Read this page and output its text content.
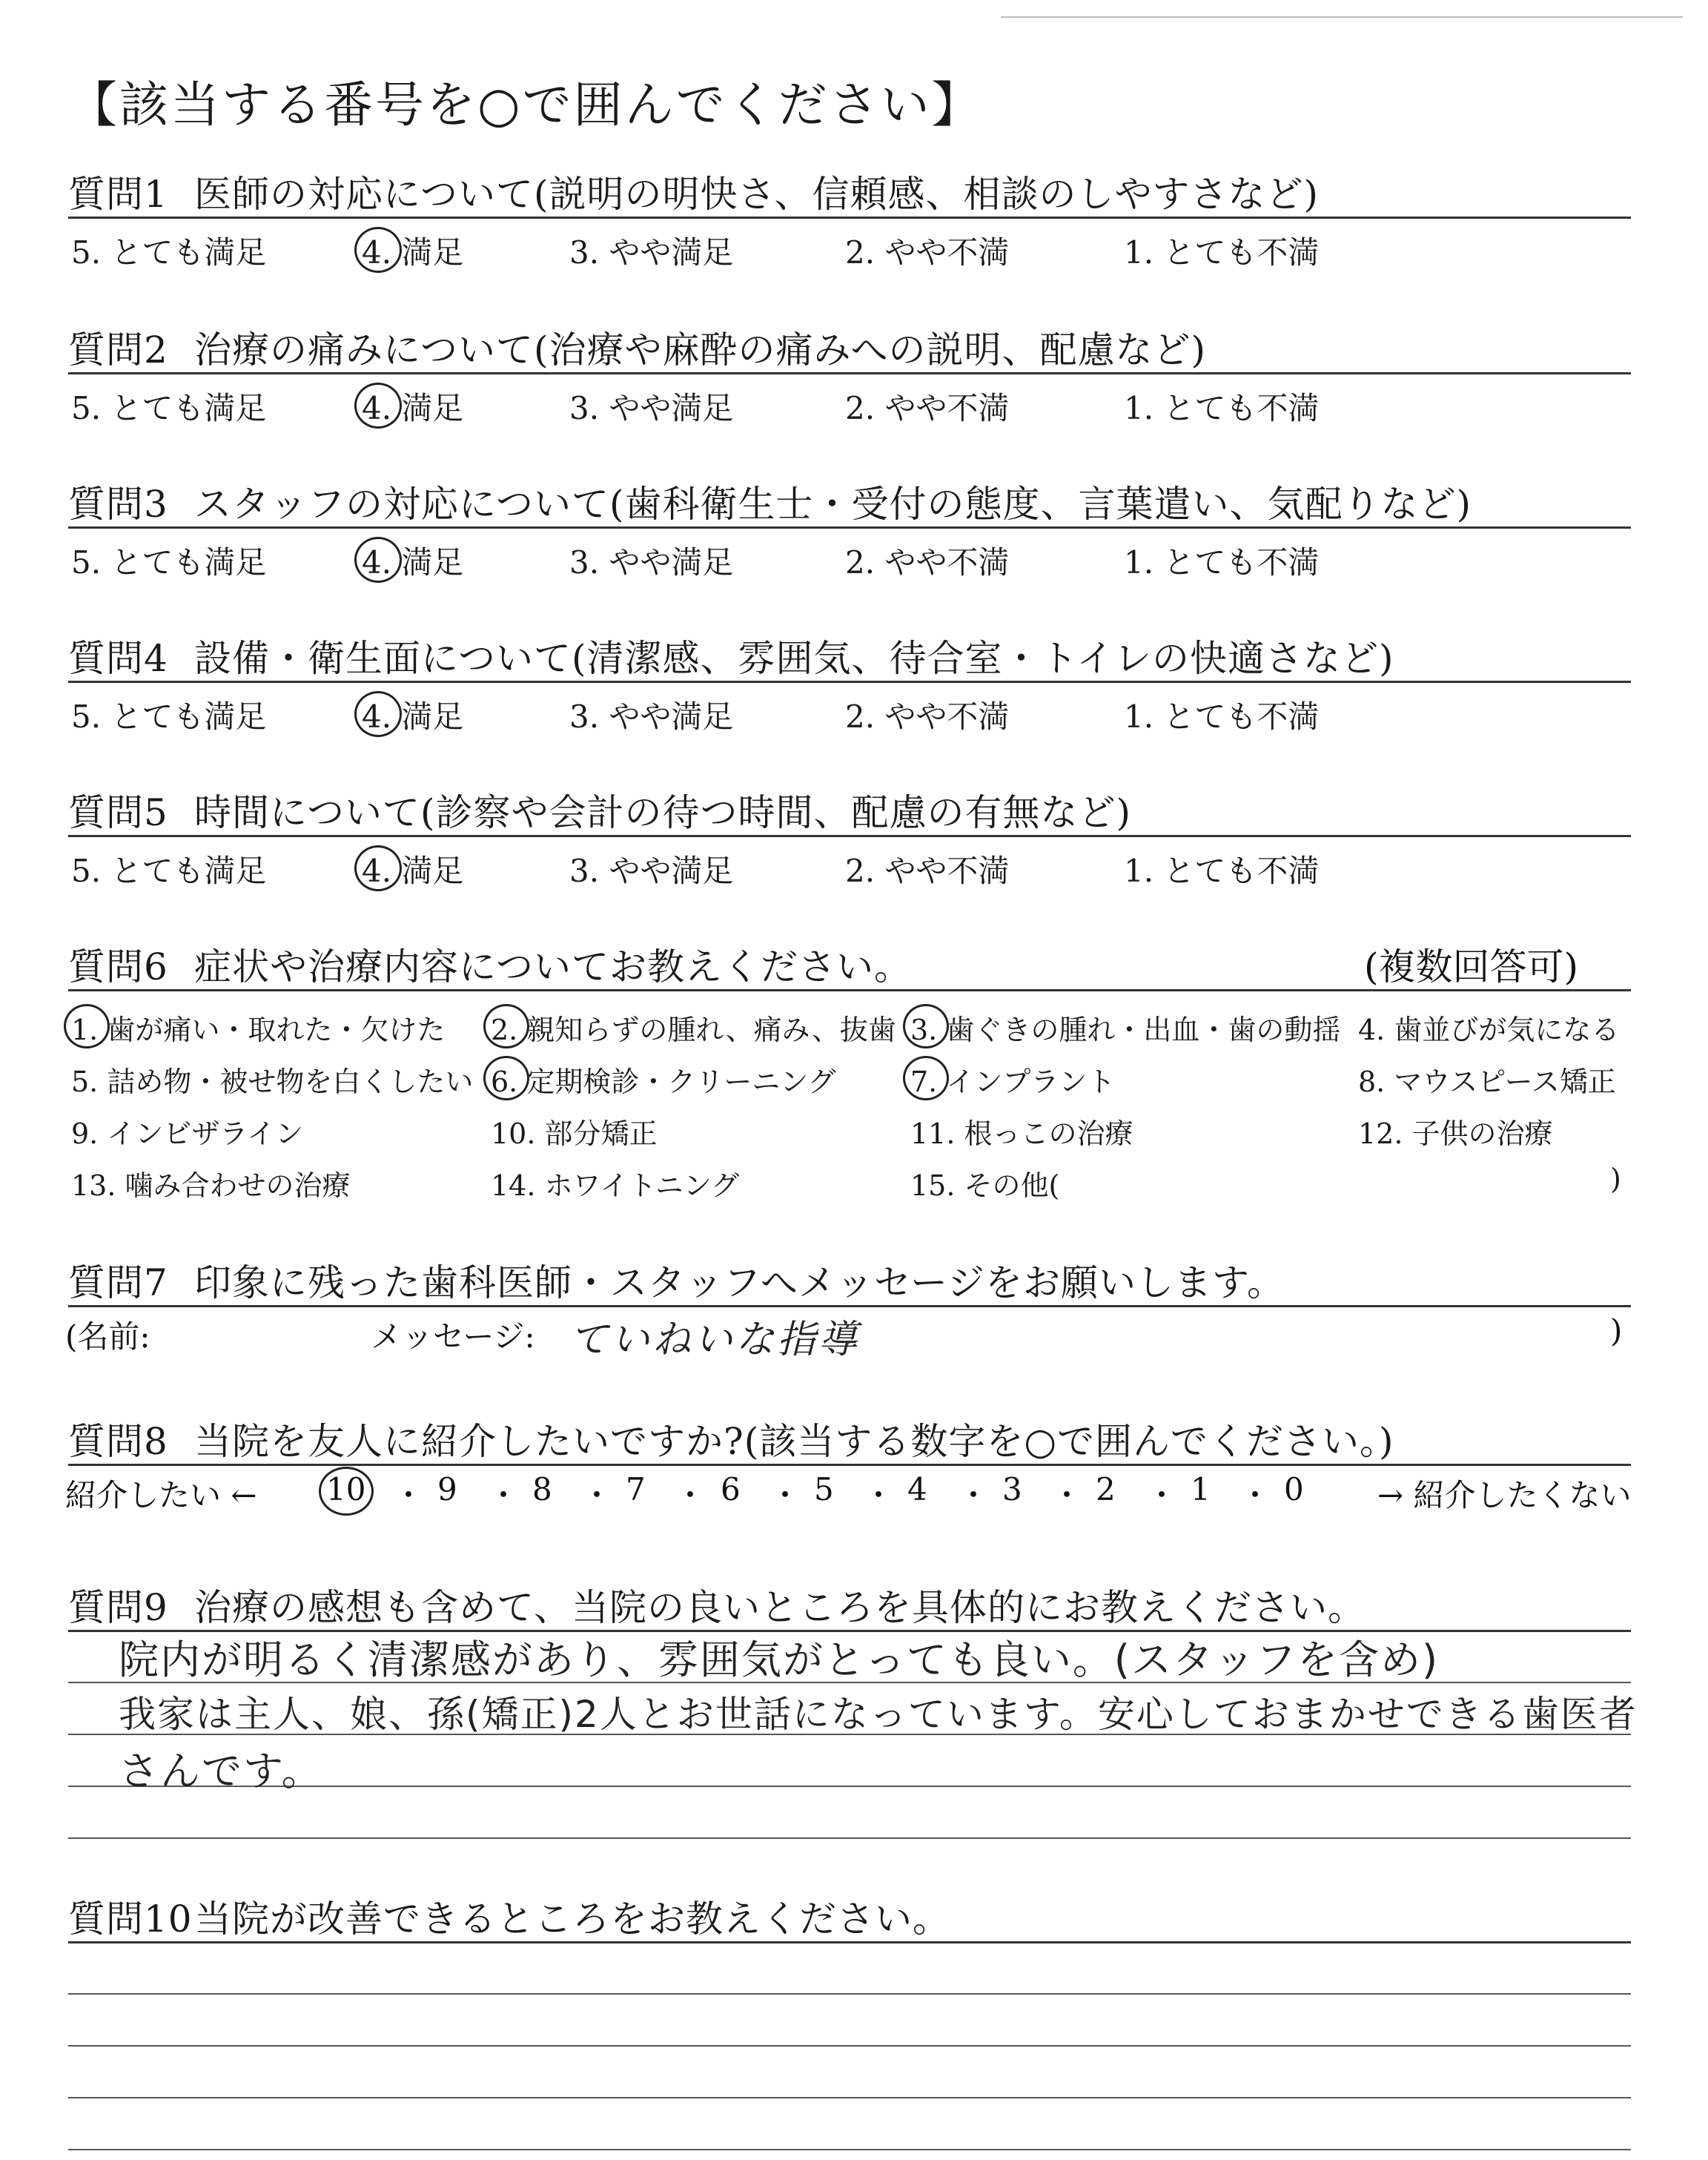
【該当する番号を○で囲んでください】
質問1 医師の対応について(説明の明快さ、信頼感、相談のしやすさなど)
5. とても満足	4. 満足	3. やや満足	2. やや不満	1. とても不満
質問2 治療の痛みについて(治療や麻酔の痛みへの説明、配慮など)
5. とても満足	4. 満足	3. やや満足	2. やや不満	1. とても不満
質問3 スタッフの対応について(歯科衛生士・受付の態度、言葉遣い、気配りなど)
5. とても満足	4. 満足	3. やや満足	2. やや不満	1. とても不満
質問4 設備・衛生面について(清潔感、雰囲気、待合室・トイレの快適さなど)
5. とても満足	4. 満足	3. やや満足	2. やや不満	1. とても不満
質問5 時間について(診察や会計の待つ時間、配慮の有無など)
5. とても満足	4. 満足	3. やや満足	2. やや不満	1. とても不満
質問6 症状や治療内容についてお教えください。	(複数回答可)
1. 歯が痛い・取れた・欠けた 2. 親知らずの腫れ、痛み、抜歯 3. 歯ぐきの腫れ・出血・歯の動揺 4. 歯並びが気になる
5. 詰め物・被せ物を白くしたい 6. 定期検診・クリーニング	7. インプラント	8. マウスピース矯正
9. インビザライン	10. 部分矯正	11. 根っこの治療	12. 子供の治療
13. 噛み合わせの治療	14. ホワイトニング	15. その他(	)
質問7 印象に残った歯科医師・スタッフへメッセージをお願いします。
(名前:	メッセージ: ていねいな指導	)
質問8 当院を友人に紹介したいですか?(該当する数字を○で囲んでください。)
紹介したい ←	→ 紹介したくない
10 9 8 7 6 5 4 3 2 1 0
・ ・ ・ ・ ・ ・ ・ ・ ・ ・
質問9 治療の感想も含めて、当院の良いところを具体的にお教えください。
院内が明るく清潔感があり、雰囲気がとっても良い。(スタッフを含め)
我家は主人、娘、孫(矯正)2人とお世話になっています。安心しておまかせできる歯医者
さんです。
質問10当院が改善できるところをお教えください。
